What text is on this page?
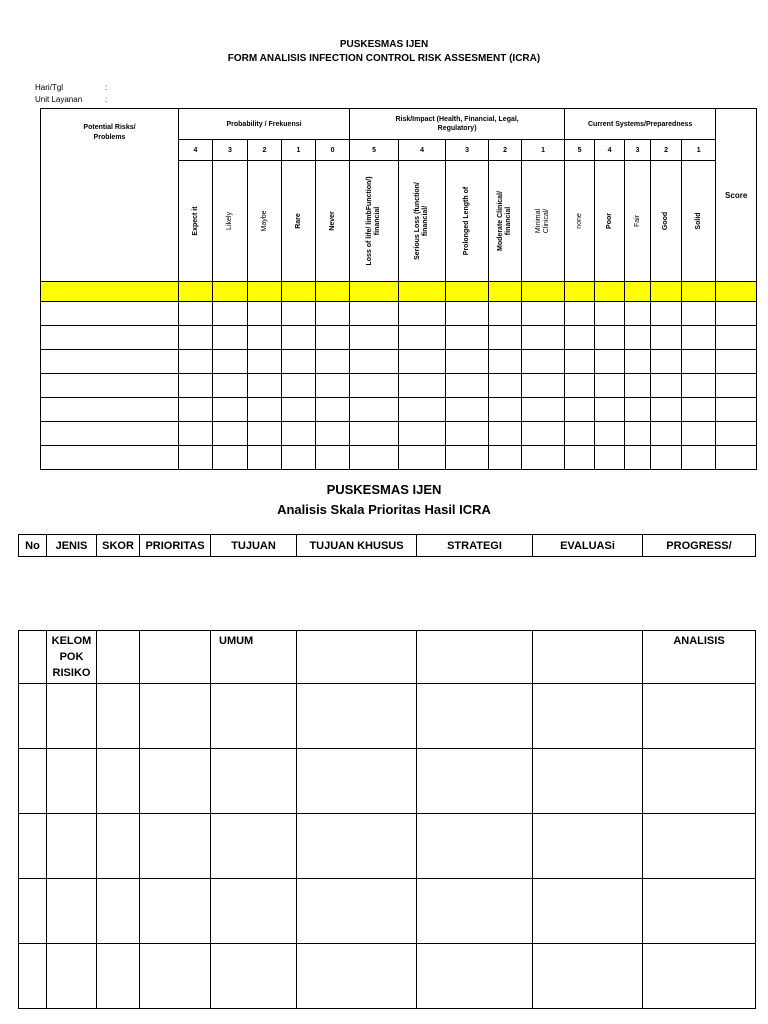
PUSKESMAS IJEN
FORM ANALISIS INFECTION CONTROL RISK ASSESMENT (ICRA)
Hari/Tgl	:
Unit Layanan	:
Potential Risks/ Problems	Probability / Frekuensi					Risk/Impact (Health, Financial, Legal, Regulatory)					Current Systems/Preparedness					Score
	4	3	2	1	0	5	4	3	2	1	5	4	3	2	1	

	Expect it	Likely	Maybe	Rare	Never	Loss of life/ limbFunction/) financial	Serious Loss (function/ financial/	Prolonged Length of	Moderate Clinical/ financial	Minimal Clinical/	none	Poor	Fair	Good	Solid	

PUSKESMAS IJEN
Analisis Skala Prioritas Hasil ICRA
No	JENIS	SKOR	PRIORITAS	TUJUAN	TUJUAN KHUSUS	STRATEGI	EVALUASi	PROGRESS/

	KELOM POK RISIKO			UMUM				ANALISIS
